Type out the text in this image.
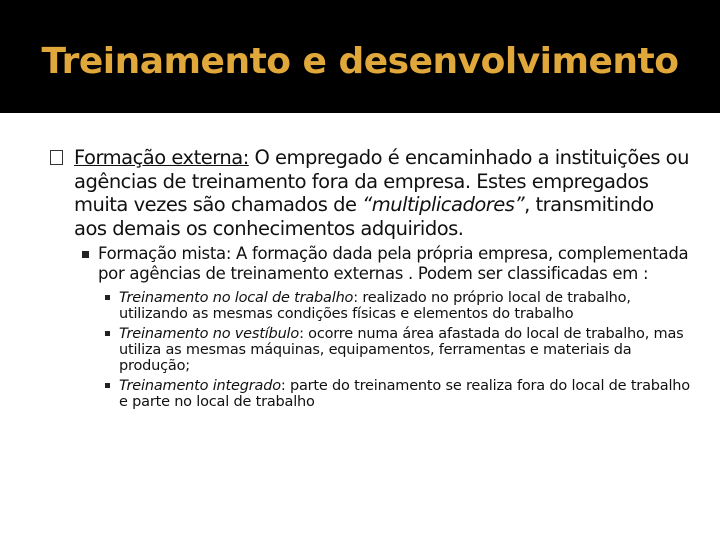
Treinamento e desenvolvimento
Formação externa: O empregado é encaminhado a instituições ou agências de treinamento fora da empresa. Estes empregados muita vezes são chamados de “multiplicadores”, transmitindo aos demais os conhecimentos adquiridos.
Formação mista: A formação dada pela própria empresa, complementada por agências de treinamento externas . Podem ser classificadas em :
Treinamento no local de trabalho: realizado no próprio local de trabalho, utilizando as mesmas condições físicas e elementos do trabalho
Treinamento no vestíbulo: ocorre numa área afastada do local de trabalho, mas utiliza as mesmas máquinas, equipamentos, ferramentas e materiais da produção;
Treinamento integrado: parte do treinamento se realiza fora do local de trabalho e parte no local de trabalho
